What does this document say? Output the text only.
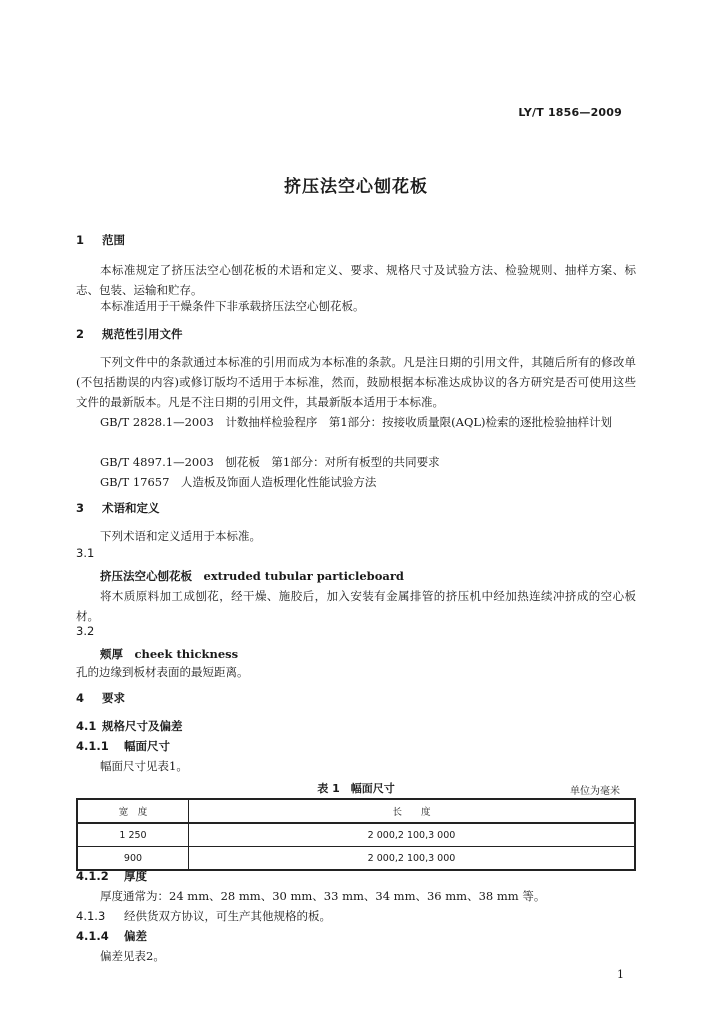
LY/T 1856—2009
挤压法空心刨花板
1 范围
本标准规定了挤压法空心刨花板的术语和定义、要求、规格尺寸及试验方法、检验规则、抽样方案、标志、包装、运输和贮存。
本标准适用于干燥条件下非承载挤压法空心刨花板。
2 规范性引用文件
下列文件中的条款通过本标准的引用而成为本标准的条款。凡是注日期的引用文件，其随后所有的修改单(不包括勘误的内容)或修订版均不适用于本标准，然而，鼓励根据本标准达成协议的各方研究是否可使用这些文件的最新版本。凡是不注日期的引用文件，其最新版本适用于本标准。
GB/T 2828.1—2003　计数抽样检验程序　第1部分：按接收质量限(AQL)检索的逐批检验抽样计划
GB/T 4897.1—2003　刨花板　第1部分：对所有板型的共同要求
GB/T 17657　人造板及饰面人造板理化性能试验方法
3 术语和定义
下列术语和定义适用于本标准。
3.1
挤压法空心刨花板　 extruded tubular particleboard
将木质原料加工成刨花，经干燥、施胶后，加入安装有金属排管的挤压机中经加热连续冲挤成的空心板材。
3.2
颊厚　 cheek thickness
孔的边缘到板材表面的最短距离。
4 要求
4.1 规格尺寸及偏差
4.1.1 幅面尺寸
幅面尺寸见表1。
表 1　幅面尺寸	单位为毫米
宽　度	长　　度
1 250	2 000,2 100,3 000
900	2 000,2 100,3 000
4.1.2 厚度
厚度通常为：24 mm、28 mm、30 mm、33 mm、34 mm、36 mm、38 mm 等。
4.1.3 经供货双方协议，可生产其他规格的板。
4.1.4 偏差
偏差见表2。
1
